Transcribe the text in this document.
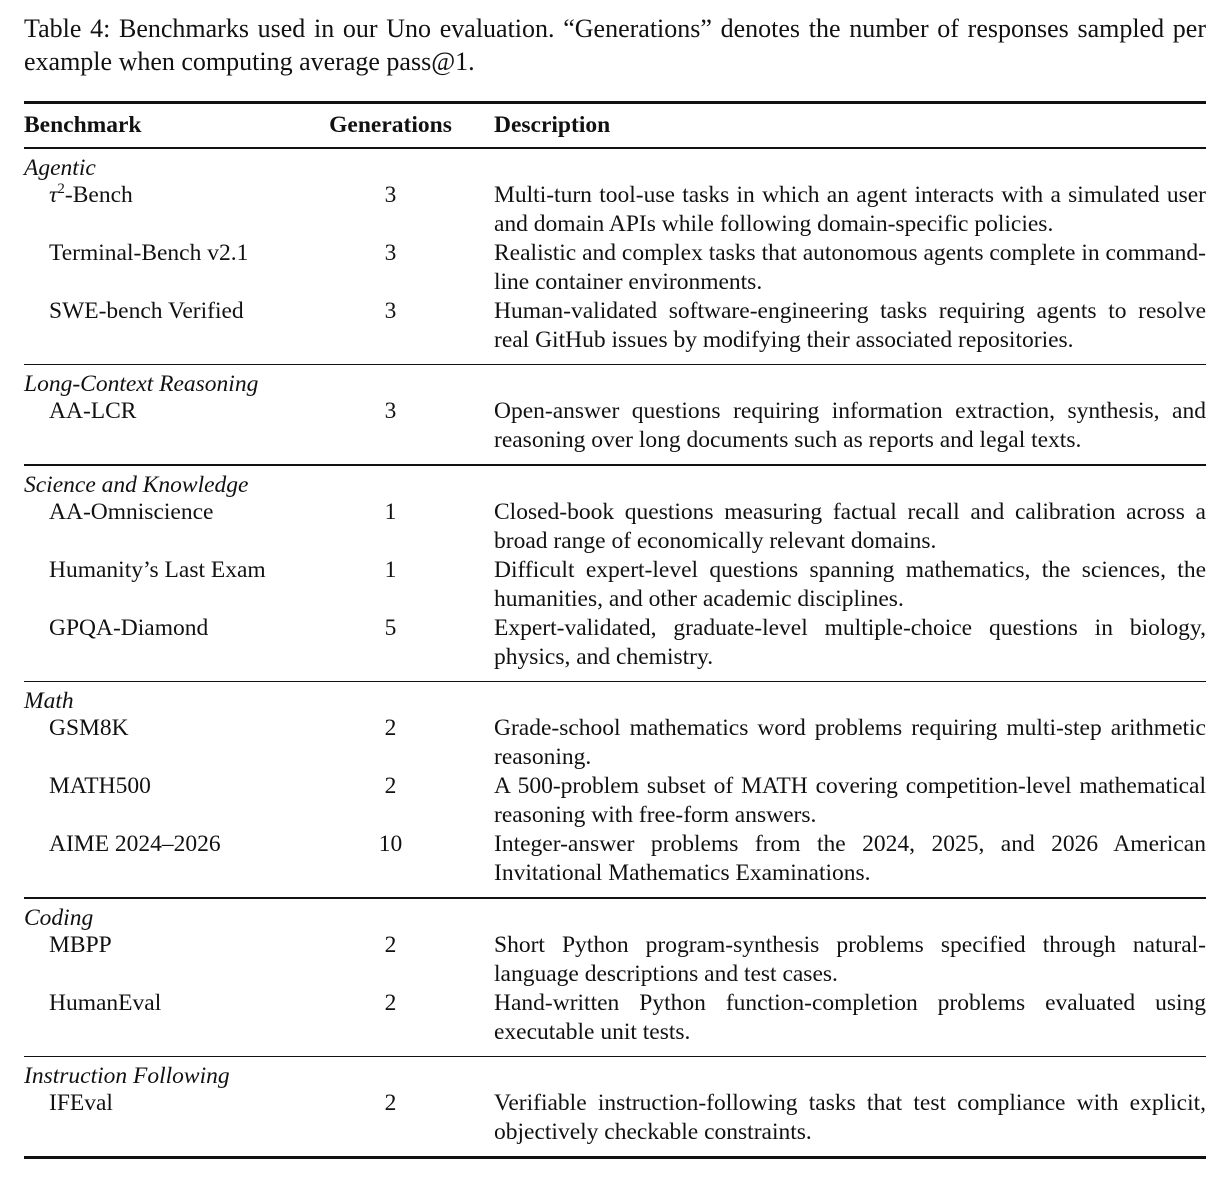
Table 4: Benchmarks used in our Uno evaluation. “Generations” denotes the number of responses sampled per example when computing average pass@1.
Benchmark	Generations Description
Agentic
$\tau^2$-Bench	3	Multi-turn tool-use tasks in which an agent interacts with a simulated user and domain APIs while following domain-specific policies.
Terminal-Bench v2.1	3	Realistic and complex tasks that autonomous agents complete in command-line container environments.
SWE-bench Verified	3	Human-validated software-engineering tasks requiring agents to resolve real GitHub issues by modifying their associated repositories.
Long-Context Reasoning
AA-LCR	3	Open-answer questions requiring information extraction, synthesis, and reasoning over long documents such as reports and legal texts.
Science and Knowledge
AA-Omniscience	1	Closed-book questions measuring factual recall and calibration across a broad range of economically relevant domains.
Humanity’s Last Exam	1	Difficult expert-level questions spanning mathematics, the sciences, the humanities, and other academic disciplines.
GPQA-Diamond	5	Expert-validated, graduate-level multiple-choice questions in biology, physics, and chemistry.
Math
GSM8K	2	Grade-school mathematics word problems requiring multi-step arithmetic reasoning.
MATH500	2	A 500-problem subset of MATH covering competition-level mathematical reasoning with free-form answers.
AIME 2024–2026	10	Integer-answer problems from the 2024, 2025, and 2026 American Invitational Mathematics Examinations.
Coding
MBPP	2	Short Python program-synthesis problems specified through natural-language descriptions and test cases.
HumanEval	2	Hand-written Python function-completion problems evaluated using executable unit tests.
Instruction Following
IFEval	2	Verifiable instruction-following tasks that test compliance with explicit, objectively checkable constraints.
